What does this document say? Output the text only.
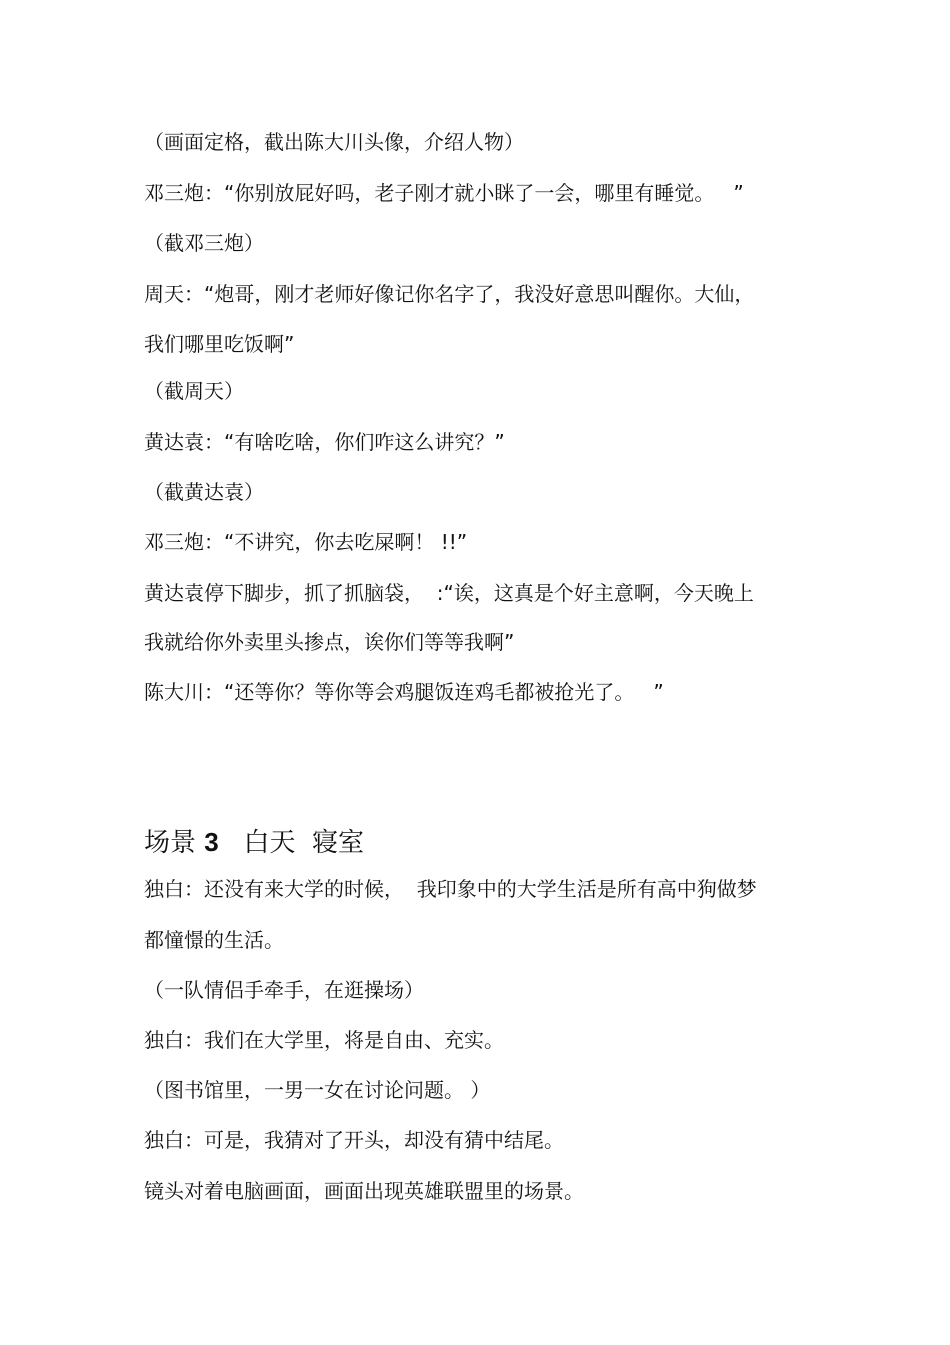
（画面定格，截出陈大川头像，介绍人物）
邓三炮：“你别放屁好吗，老子刚才就小眯了一会，哪里有睡觉。   ”
（截邓三炮）
周天：“炮哥，刚才老师好像记你名字了，我没好意思叫醒你。大仙，
我们哪里吃饭啊”
（截周天）
黄达袁：“有啥吃啥，你们咋这么讲究？”
（截黄达袁）
邓三炮：“不讲究，你去吃屎啊！ !!”
黄达袁停下脚步，抓了抓脑袋，  :“诶，这真是个好主意啊，今天晚上
我就给你外卖里头掺点，诶你们等等我啊”
陈大川：“还等你？等你等会鸡腿饭连鸡毛都被抢光了。   ”
场景 3   白天  寝室
独白：还没有来大学的时候，  我印象中的大学生活是所有高中狗做梦
都憧憬的生活。
（一队情侣手牵手，在逛操场）
独白：我们在大学里，将是自由、充实。
（图书馆里，一男一女在讨论问题。 ）
独白：可是，我猜对了开头，却没有猜中结尾。
镜头对着电脑画面，画面出现英雄联盟里的场景。
